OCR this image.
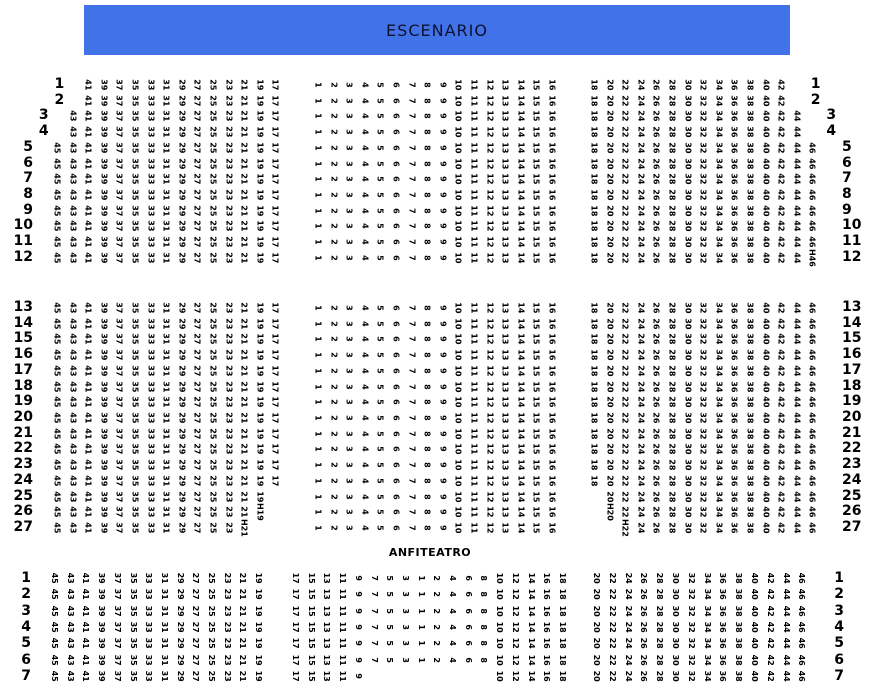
ESCENARIO
41 39 37 35 33 31 29 27 25 23 21 19 17	1 2 3 4 5 6 7 8 9 10 11 12 13 14 15 16	18 20 22 24 26 28 30 32 34 36 38 40 42
1	1
41 39 37 35 33 31 29 27 25 23 21 19 17	1 2 3 4 5 6 7 8 9 10 11 12 13 14 15 16	18 20 22 24 26 28 30 32 34 36 38 40 42
2	2
43 41 39 37 35 33 31 29 27 25 23 21 19 17	1 2 3 4 5 6 7 8 9 10 11 12 13 14 15 16	18 20 22 24 26 28 30 32 34 36 38 40 42 44
3	3
43 41 39 37 35 33 31 29 27 25 23 21 19 17	1 2 3 4 5 6 7 8 9 10 11 12 13 14 15 16	18 20 22 24 26 28 30 32 34 36 38 40 42 44
4	4
45 43 41 39 37 35 33 31 29 27 25 23 21 19 17	1 2 3 4 5 6 7 8 9 10 11 12 13 14 15 16	18 20 22 24 26 28 30 32 34 36 38 40 42 44 46
5	5
45 43 41 39 37 35 33 31 29 27 25 23 21 19 17	1 2 3 4 5 6 7 8 9 10 11 12 13 14 15 16	18 20 22 24 26 28 30 32 34 36 38 40 42 44 46
6	6
45 43 41 39 37 35 33 31 29 27 25 23 21 19 17	1 2 3 4 5 6 7 8 9 10 11 12 13 14 15 16	18 20 22 24 26 28 30 32 34 36 38 40 42 44 46
7	7
45 43 41 39 37 35 33 31 29 27 25 23 21 19 17	1 2 3 4 5 6 7 8 9 10 11 12 13 14 15 16	18 20 22 24 26 28 30 32 34 36 38 40 42 44 46
8	8
45 43 41 39 37 35 33 31 29 27 25 23 21 19 17	1 2 3 4 5 6 7 8 9 10 11 12 13 14 15 16	18 20 22 24 26 28 30 32 34 36 38 40 42 44 46
9	9
45 43 41 39 37 35 33 31 29 27 25 23 21 19 17	1 2 3 4 5 6 7 8 9 10 11 12 13 14 15 16	18 20 22 24 26 28 30 32 34 36 38 40 42 44 46
10	10
45 43 41 39 37 35 33 31 29 27 25 23 21 19 17	1 2 3 4 5 6 7 8 9 10 11 12 13 14 15 16	18 20 22 24 26 28 30 32 34 36 38 40 42 44 46
11	11
45 43 41 39 37 35 33 31 29 27 25 23 21 19 17	1 2 3 4 5 6 7 8 9 10 11 12 13 14 15 16	18 20 22 24 26 28 30 32 34 36 38 40 42 44 H46
12	12
45 43 41 39 37 35 33 31 29 27 25 23 21 19 17	1 2 3 4 5 6 7 8 9 10 11 12 13 14 15 16	18 20 22 24 26 28 30 32 34 36 38 40 42 44 46
13	13
45 43 41 39 37 35 33 31 29 27 25 23 21 19 17	1 2 3 4 5 6 7 8 9 10 11 12 13 14 15 16	18 20 22 24 26 28 30 32 34 36 38 40 42 44 46
14	14
45 43 41 39 37 35 33 31 29 27 25 23 21 19 17	1 2 3 4 5 6 7 8 9 10 11 12 13 14 15 16	18 20 22 24 26 28 30 32 34 36 38 40 42 44 46
15	15
45 43 41 39 37 35 33 31 29 27 25 23 21 19 17	1 2 3 4 5 6 7 8 9 10 11 12 13 14 15 16	18 20 22 24 26 28 30 32 34 36 38 40 42 44 46
16	16
45 43 41 39 37 35 33 31 29 27 25 23 21 19 17	1 2 3 4 5 6 7 8 9 10 11 12 13 14 15 16	18 20 22 24 26 28 30 32 34 36 38 40 42 44 46
17	17
45 43 41 39 37 35 33 31 29 27 25 23 21 19 17	1 2 3 4 5 6 7 8 9 10 11 12 13 14 15 16	18 20 22 24 26 28 30 32 34 36 38 40 42 44 46
18	18
45 43 41 39 37 35 33 31 29 27 25 23 21 19 17	1 2 3 4 5 6 7 8 9 10 11 12 13 14 15 16	18 20 22 24 26 28 30 32 34 36 38 40 42 44 46
19	19
45 43 41 39 37 35 33 31 29 27 25 23 21 19 17	1 2 3 4 5 6 7 8 9 10 11 12 13 14 15 16	18 20 22 24 26 28 30 32 34 36 38 40 42 44 46
20	20
45 43 41 39 37 35 33 31 29 27 25 23 21 19 17	1 2 3 4 5 6 7 8 9 10 11 12 13 14 15 16	18 20 22 24 26 28 30 32 34 36 38 40 42 44 46
21	21
45 43 41 39 37 35 33 31 29 27 25 23 21 19 17	1 2 3 4 5 6 7 8 9 10 11 12 13 14 15 16	18 20 22 24 26 28 30 32 34 36 38 40 42 44 46
22	22
45 43 41 39 37 35 33 31 29 27 25 23 21 19 17	1 2 3 4 5 6 7 8 9 10 11 12 13 14 15 16	18 20 22 24 26 28 30 32 34 36 38 40 42 44 46
23	23
45 43 41 39 37 35 33 31 29 27 25 23 21 19 17	1 2 3 4 5 6 7 8 9 10 11 12 13 14 15 16	18 20 22 24 26 28 30 32 34 36 38 40 42 44 46
24	24
45 43 41 39 37 35 33 31 29 27 25 23 21 19	1 2 3 4 5 6 7 8 9 10 11 12 13 14 15 16	20 22 24 26 28 30 32 34 36 38 40 42 44 46
25	25
45 43 41 39 37 35 33 31 29 27 25 23 21 H19	1 2 3 4 5 6 7 8 9 10 11 12 13 14 15 16	H20 22 24 26 28 30 32 34 36 38 40 42 44 46
26	26
45 43 41 39 37 35 33 31 29 27 25 23 H21	1 2 3 4 5 6 7 8 9 10 11 12 13 14 15 16	H22 24 26 28 30 32 34 36 38 40 42 44 46
27	27
ANFITEATRO
45 43 41 39 37 35 33 31 29 27 25 23 21 19	17 15 13 11 9 7 5 3 1 2 4 6 8 10 12 14 16 18	20 22 24 26 28 30 32 34 36 38 40 42 44 46
1	1
45 43 41 39 37 35 33 31 29 27 25 23 21 19	17 15 13 11 9 7 5 3 1 2 4 6 8 10 12 14 16 18	20 22 24 26 28 30 32 34 36 38 40 42 44 46
2	2
45 43 41 39 37 35 33 31 29 27 25 23 21 19	17 15 13 11 9 7 5 3 1 2 4 6 8 10 12 14 16 18	20 22 24 26 28 30 32 34 36 38 40 42 44 46
3	3
45 43 41 39 37 35 33 31 29 27 25 23 21 19	17 15 13 11 9 7 5 3 1 2 4 6 8 10 12 14 16 18	20 22 24 26 28 30 32 34 36 38 40 42 44 46
4	4
45 43 41 39 37 35 33 31 29 27 25 23 21 19	17 15 13 11 9 7 5 3 1 2 4 6 8 10 12 14 16 18	20 22 24 26 28 30 32 34 36 38 40 42 44 46
5	5
45 43 41 39 37 35 33 31 29 27 25 23 21 19	17 15 13 11 9 7 5 3 1 2 4 6 8 10 12 14 16 18	20 22 24 26 28 30 32 34 36 38 40 42 44 46
6	6
45 43 41 39 37 35 33 31 29 27 25 23 21 19	17 15 13 11 9	10 12 14 16 18	20 22 24 26 28 30 32 34 36 38 40 42 44 46
7	7
